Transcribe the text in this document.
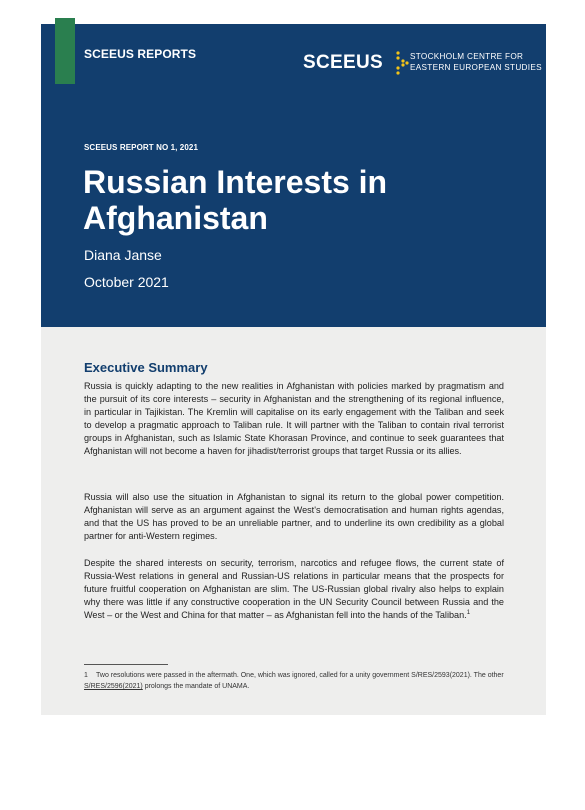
SCEEUS REPORTS	SCEEUS	STOCKHOLM CENTRE FOR
EASTERN EUROPEAN STUDIES
SCEEUS REPORT NO 1, 2021
Russian Interests in Afghanistan
Diana Janse
October 2021
Executive Summary

Russia is quickly adapting to the new realities in Afghanistan with policies marked by pragmatism and the pursuit of its core interests – security in Afghanistan and the strengthening of its regional influence, in particular in Tajikistan. The Kremlin will capitalise on its early engagement with the Taliban and seek to develop a pragmatic approach to Taliban rule. It will partner with the Taliban to contain rival terrorist groups in Afghanistan, such as Islamic State Khorasan Province, and continue to seek guarantees that Afghanistan will not become a haven for jihadist/terrorist groups that target Russia or its allies.

Russia will also use the situation in Afghanistan to signal its return to the global power competition. Afghanistan will serve as an argument against the West's democratisation and human rights agendas, and that the US has proved to be an unreliable partner, and to underline its own credibility as a global partner for anti-Western regimes.

Despite the shared interests on security, terrorism, narcotics and refugee flows, the current state of Russia-West relations in general and Russian-US relations in particular means that the prospects for future fruitful cooperation on Afghanistan are slim. The US-Russian global rivalry also helps to explain why there was little if any constructive cooperation in the UN Security Council between Russia and the West – or the West and China for that matter – as Afghanistan fell into the hands of the Taliban.$^1$

1 Two resolutions were passed in the aftermath. One, which was ignored, called for a unity government S/RES/2593(2021). The other S/RES/2596(2021) prolongs the mandate of UNAMA.
